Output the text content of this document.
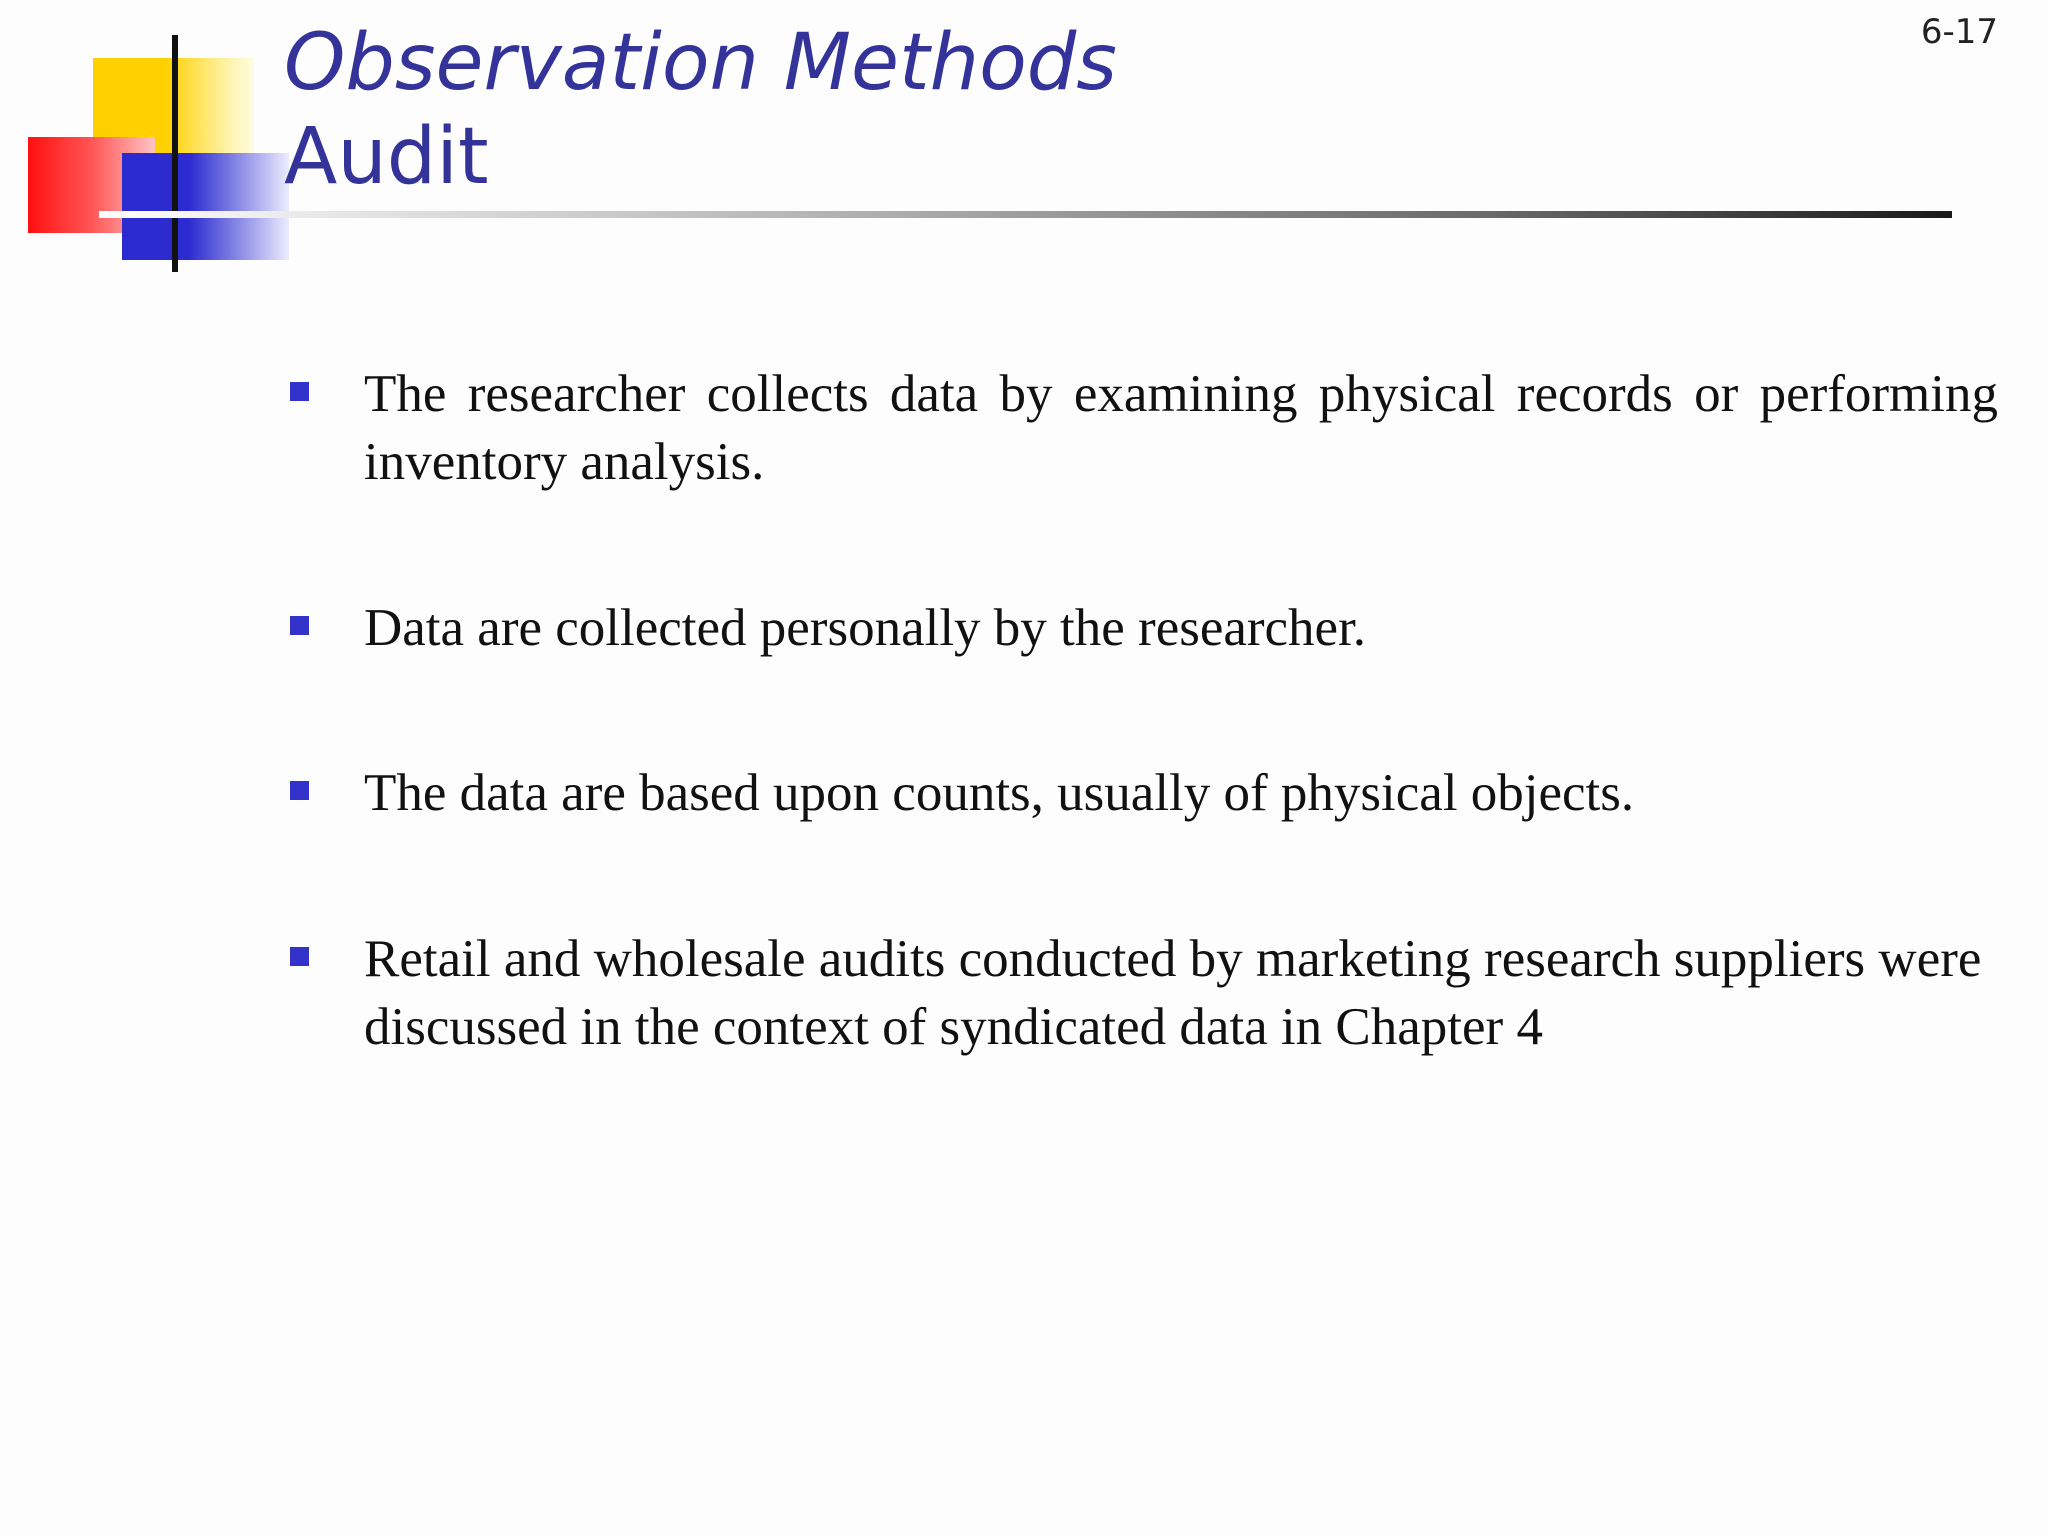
Observation Methods
Audit
6-17
The researcher collects data by examining physical records or performing inventory analysis.
Data are collected personally by the researcher.
The data are based upon counts, usually of physical objects.
Retail and wholesale audits conducted by marketing research suppliers were discussed in the context of syndicated data in Chapter 4
